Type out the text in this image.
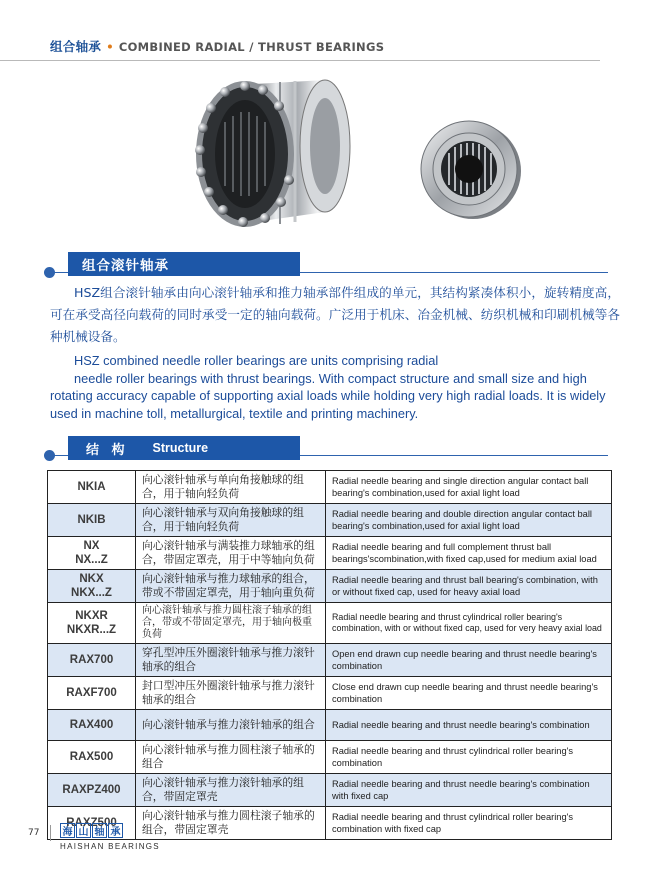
组合轴承 • COMBINED RADIAL / THRUST BEARINGS
组合滚针轴承
HSZ组合滚针轴承由向心滚针轴承和推力轴承部件组成的单元，其结构紧凑体积小，旋转精度高，可在承受高径向载荷的同时承受一定的轴向载荷。广泛用于机床、冶金机械、纺织机械和印刷机械等各种机械设备。
HSZ combined needle roller bearings are units comprising radial
needle roller bearings with thrust bearings. With compact structure and small size and high rotating accuracy capable of supporting axial loads while holding very high radial loads. It is widely used in machine toll, metallurgical, textile and printing machinery.
结 构 Structure
NKIA	向心滚针轴承与单向角接触球的组合，用于轴向轻负荷	Radial needle bearing and single direction angular contact ball bearing's combination,used for axial light load
NKIB	向心滚针轴承与双向角接触球的组合，用于轴向轻负荷	Radial needle bearing and double direction angular contact ball bearing's combination,used for axial light load

NX
NX...Z	向心滚针轴承与满装推力球轴承的组合，带固定罩壳，用于中等轴向负荷	Radial needle bearing and full complement thrust ball bearings'scombination,with fixed cap,used for medium axial load

NKX
NKX...Z	向心滚针轴承与推力球轴承的组合，带或不带固定罩壳，用于轴向重负荷	Radial needle bearing and thrust ball bearing's combination, with or without fixed cap, used for heavy axial load

NKXR
NKXR...Z	向心滚针轴承与推力圆柱滚子轴承的组合，带或不带固定罩壳，用于轴向极重负荷	Radial needle bearing and thrust cylindrical roller bearing's combination, with or without fixed cap, used for very heavy axial load
RAX700	穿孔型冲压外圈滚针轴承与推力滚针轴承的组合	Open end drawn cup needle bearing and thrust needle bearing's combination
RAXF700	封口型冲压外圈滚针轴承与推力滚针轴承的组合	Close end drawn cup needle bearing and thrust needle bearing's combination
RAX400	向心滚针轴承与推力滚针轴承的组合	Radial needle bearing and thrust needle bearing's combination
RAX500	向心滚针轴承与推力圆柱滚子轴承的组合	Radial needle bearing and thrust cylindrical roller bearing's combination
RAXPZ400	向心滚针轴承与推力滚针轴承的组合，带固定罩壳	Radial needle bearing and thrust needle bearing's combination with fixed cap
RAXZ500	向心滚针轴承与推力圆柱滚子轴承的组合，带固定罩壳	Radial needle bearing and thrust cylindrical roller bearing's combination with fixed cap
77 海 山 轴 承
HAISHAN BEARINGS
